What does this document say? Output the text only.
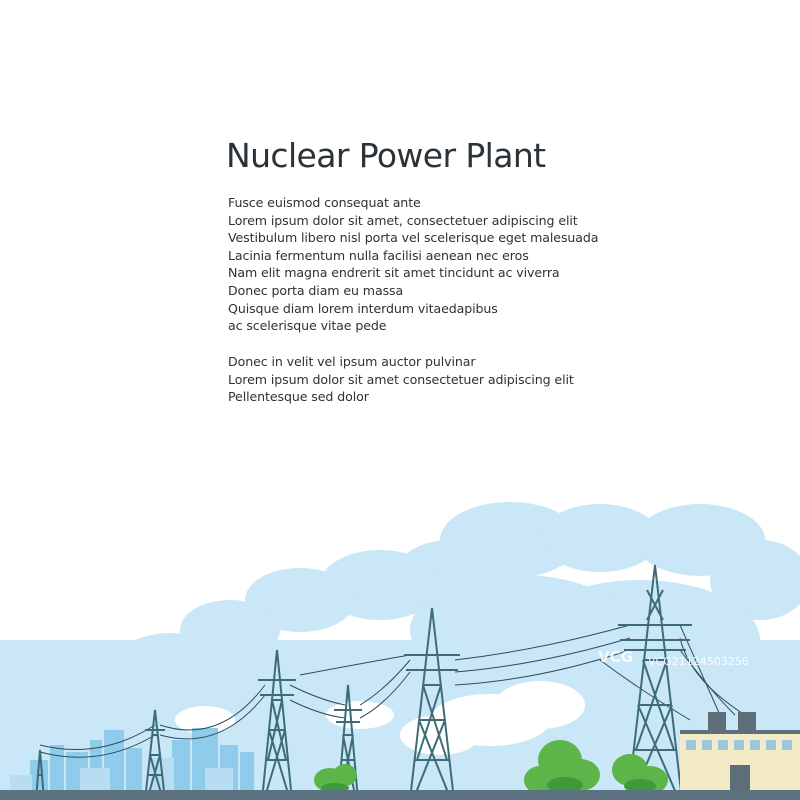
Nuclear Power Plant
Fusce euismod consequat ante
Lorem ipsum dolor sit amet, consectetuer adipiscing elit
Vestibulum libero nisl porta vel scelerisque eget malesuada
Lacinia fermentum nulla facilisi aenean nec eros
Nam elit magna endrerit sit amet tincidunt ac viverra
Donec porta diam eu massa
Quisque diam lorem interdum vitaedapibus
ac scelerisque vitae pede
Donec in velit vel ipsum auctor pulvinar
Lorem ipsum dolor sit amet consectetuer adipiscing elit
Pellentesque sed dolor
VCG VCG21124503256
